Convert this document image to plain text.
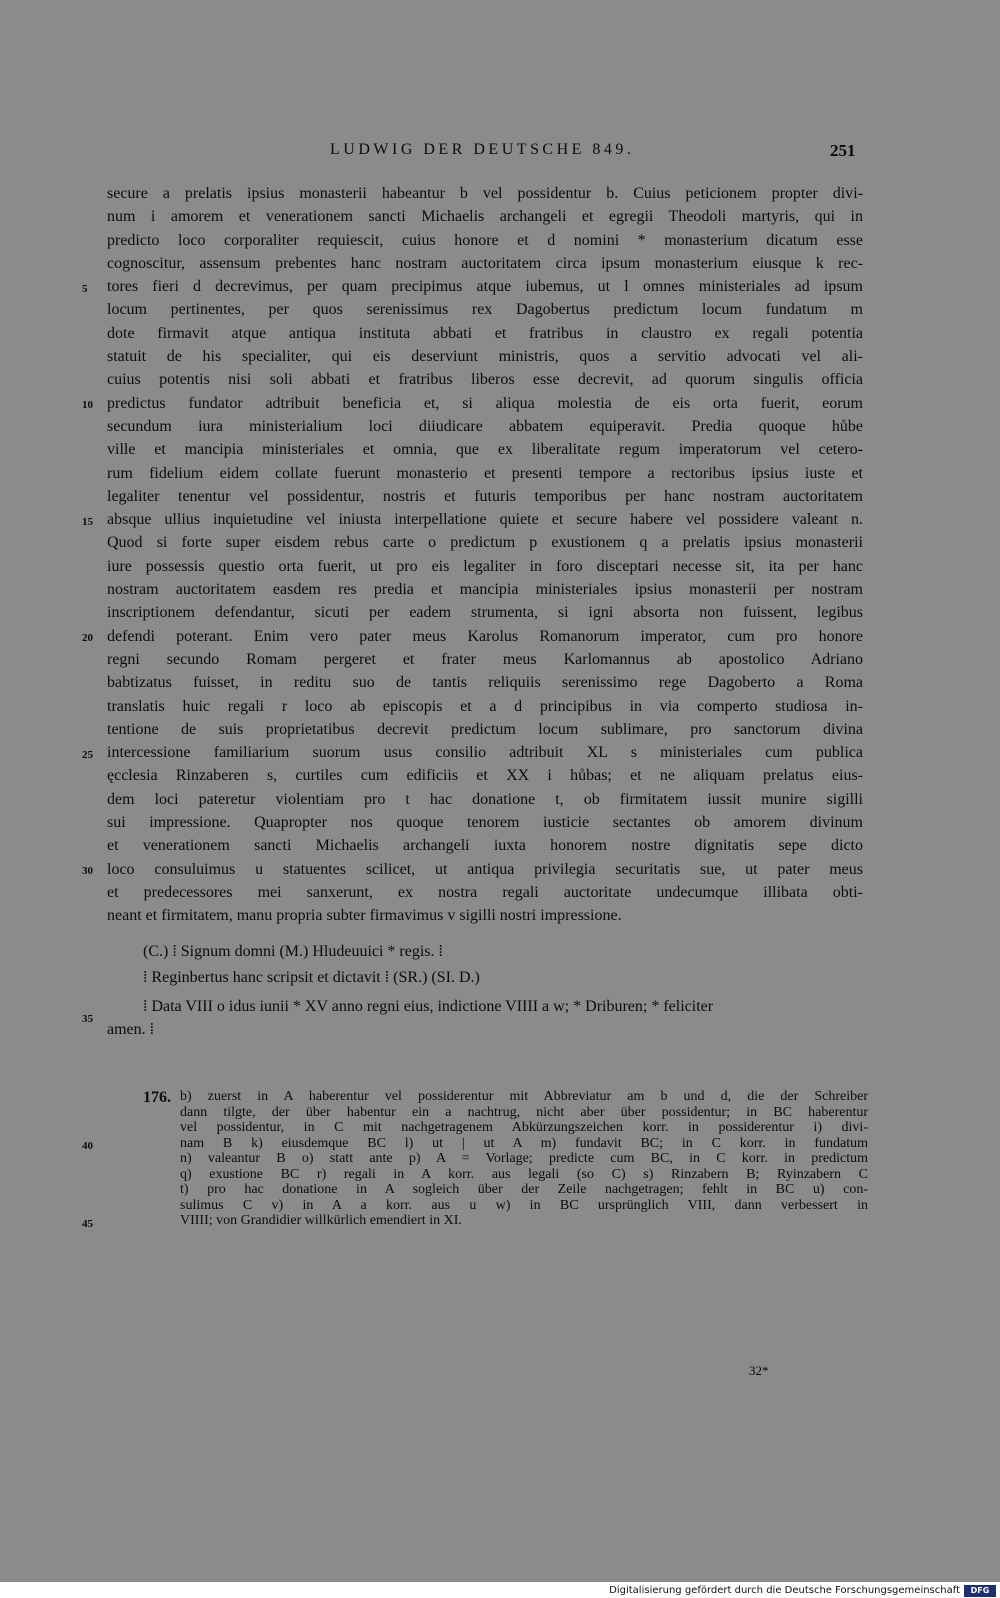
LUDWIG DER DEUTSCHE 849.	251
secure a prelatis ipsius monasterii habeantur b vel possidentur b. Cuius peticionem propter divi-
num i amorem et venerationem sancti Michaelis archangeli et egregii Theodoli martyris, qui in
predicto loco corporaliter requiescit, cuius honore et d nomini * monasterium dicatum esse
cognoscitur, assensum prebentes hanc nostram auctoritatem circa ipsum monasterium eiusque k rec-
tores fieri d decrevimus, per quam precipimus atque iubemus, ut l omnes ministeriales ad ipsum
locum pertinentes, per quos serenissimus rex Dagobertus predictum locum fundatum m
dote firmavit atque antiqua instituta abbati et fratribus in claustro ex regali potentia
statuit de his specialiter, qui eis deserviunt ministris, quos a servitio advocati vel ali-
cuius potentis nisi soli abbati et fratribus liberos esse decrevit, ad quorum singulis officia
predictus fundator adtribuit beneficia et, si aliqua molestia de eis orta fuerit, eorum
secundum iura ministerialium loci diiudicare abbatem equiperavit. Predia quoque hůbe
ville et mancipia ministeriales et omnia, que ex liberalitate regum imperatorum vel cetero-
rum fidelium eidem collate fuerunt monasterio et presenti tempore a rectoribus ipsius iuste et
legaliter tenentur vel possidentur, nostris et futuris temporibus per hanc nostram auctoritatem
absque ullius inquietudine vel iniusta interpellatione quiete et secure habere vel possidere valeant n.
Quod si forte super eisdem rebus carte o predictum p exustionem q a prelatis ipsius monasterii
iure possessis questio orta fuerit, ut pro eis legaliter in foro disceptari necesse sit, ita per hanc
nostram auctoritatem easdem res predia et mancipia ministeriales ipsius monasterii per nostram
inscriptionem defendantur, sicuti per eadem strumenta, si igni absorta non fuissent, legibus
defendi poterant. Enim vero pater meus Karolus Romanorum imperator, cum pro honore
regni secundo Romam pergeret et frater meus Karlomannus ab apostolico Adriano
babtizatus fuisset, in reditu suo de tantis reliquiis serenissimo rege Dagoberto a Roma
translatis huic regali r loco ab episcopis et a d principibus in via comperto studiosa in-
tentione de suis proprietatibus decrevit predictum locum sublimare, pro sanctorum divina
intercessione familiarium suorum usus consilio adtribuit XL s ministeriales cum publica
ęcclesia Rinzaberen s, curtiles cum edificiis et XX i hůbas; et ne aliquam prelatus eius-
dem loci pateretur violentiam pro t hac donatione t, ob firmitatem iussit munire sigilli
sui impressione. Quapropter nos quoque tenorem iusticie sectantes ob amorem divinum
et venerationem sancti Michaelis archangeli iuxta honorem nostre dignitatis sepe dicto
loco consuluimus u statuentes scilicet, ut antiqua privilegia securitatis sue, ut pater meus
et predecessores mei sanxerunt, ex nostra regali auctoritate undecumque illibata obti-
neant et firmitatem, manu propria subter firmavimus v sigilli nostri impressione.
(C.) ⁞ Signum domni (M.) Hludeuuici * regis. ⁞
⁞ Reginbertus hanc scripsit et dictavit ⁞ (SR.) (SI. D.)
⁞ Data VIII o idus iunii * XV anno regni eius, indictione VIIII a w; * Driburen; * feliciter
amen. ⁞
5
10
15
20
25
30
35
40
45
176. b) zuerst in A haberentur vel possiderentur mit Abbreviatur am b und d, die der Schreiber
dann tilgte, der über habentur ein a nachtrug, nicht aber über possidentur; in BC haberentur
vel possidentur, in C mit nachgetragenem Abkürzungszeichen korr. in possiderentur i) divi-
nam B k) eiusdemque BC l) ut | ut A m) fundavit BC; in C korr. in fundatum
n) valeantur B o) statt ante p) A = Vorlage; predicte cum BC, in C korr. in predictum
q) exustione BC r) regali in A korr. aus legali (so C) s) Rinzabern B; Ryinzabern C
t) pro hac donatione in A sogleich über der Zeile nachgetragen; fehlt in BC u) con-
sulimus C v) in A a korr. aus u w) in BC ursprünglich VIII, dann verbessert in
VIIII; von Grandidier willkürlich emendiert in XI.
32*
Digitalisierung gefördert durch die Deutsche Forschungsgemeinschaft	DFG
